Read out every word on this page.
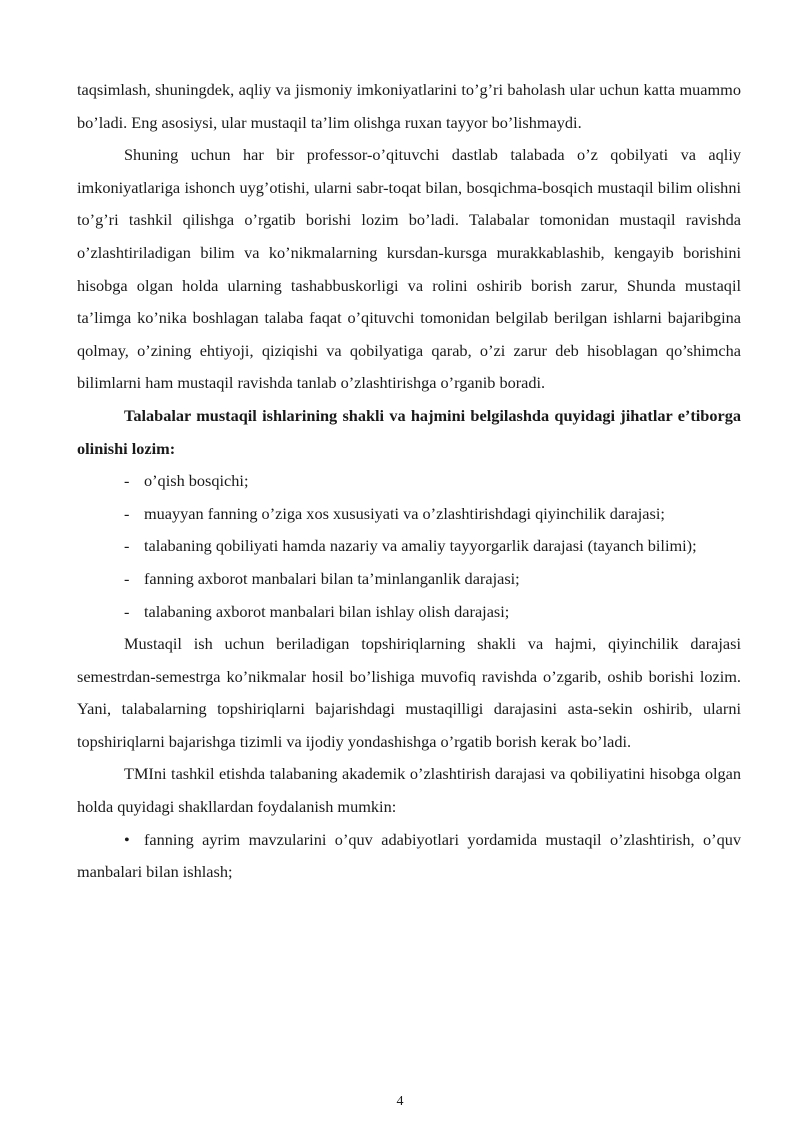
taqsimlash, shuningdek, aqliy va jismoniy imkoniyatlarini to’g’ri baholash ular uchun katta muammo bo’ladi. Eng asosiysi, ular mustaqil ta’lim olishga ruxan tayyor bo’lishmaydi.

Shuning uchun har bir professor-o’qituvchi dastlab talabada o’z qobilyati va aqliy imkoniyatlariga ishonch uyg’otishi, ularni sabr-toqat bilan, bosqichma-bosqich mustaqil bilim olishni to’g’ri tashkil qilishga o’rgatib borishi lozim bo’ladi. Talabalar tomonidan mustaqil ravishda o’zlashtiriladigan bilim va ko’nikmalarning kursdan-kursga murakkablashib, kengayib borishini hisobga olgan holda ularning tashabbuskorligi va rolini oshirib borish zarur, Shunda mustaqil ta’limga ko’nika boshlagan talaba faqat o’qituvchi tomonidan belgilab berilgan ishlarni bajaribgina qolmay, o’zining ehtiyoji, qiziqishi va qobilyatiga qarab, o’zi zarur deb hisoblagan qo’shimcha bilimlarni ham mustaqil ravishda tanlab o’zlashtirishga o’rganib boradi.

Talabalar mustaqil ishlarining shakli va hajmini belgilashda quyidagi jihatlar e’tiborga olinishi lozim:

- o’qish bosqichi;

- muayyan fanning o’ziga xos xususiyati va o’zlashtirishdagi qiyinchilik darajasi;

- talabaning qobiliyati hamda nazariy va amaliy tayyorgarlik darajasi (tayanch bilimi);

- fanning axborot manbalari bilan ta’minlanganlik darajasi;

- talabaning axborot manbalari bilan ishlay olish darajasi;

Mustaqil ish uchun beriladigan topshiriqlarning shakli va hajmi, qiyinchilik darajasi semestrdan-semestrga ko’nikmalar hosil bo’lishiga muvofiq ravishda o’zgarib, oshib borishi lozim. Yani, talabalarning topshiriqlarni bajarishdagi mustaqilligi darajasini asta-sekin oshirib, ularni topshiriqlarni bajarishga tizimli va ijodiy yondashishga o’rgatib borish kerak bo’ladi.

TMIni tashkil etishda talabaning akademik o’zlashtirish darajasi va qobiliyatini hisobga olgan holda quyidagi shakllardan foydalanish mumkin:

• fanning ayrim mavzularini o’quv adabiyotlari yordamida mustaqil o’zlashtirish, o’quv manbalari bilan ishlash;

4
